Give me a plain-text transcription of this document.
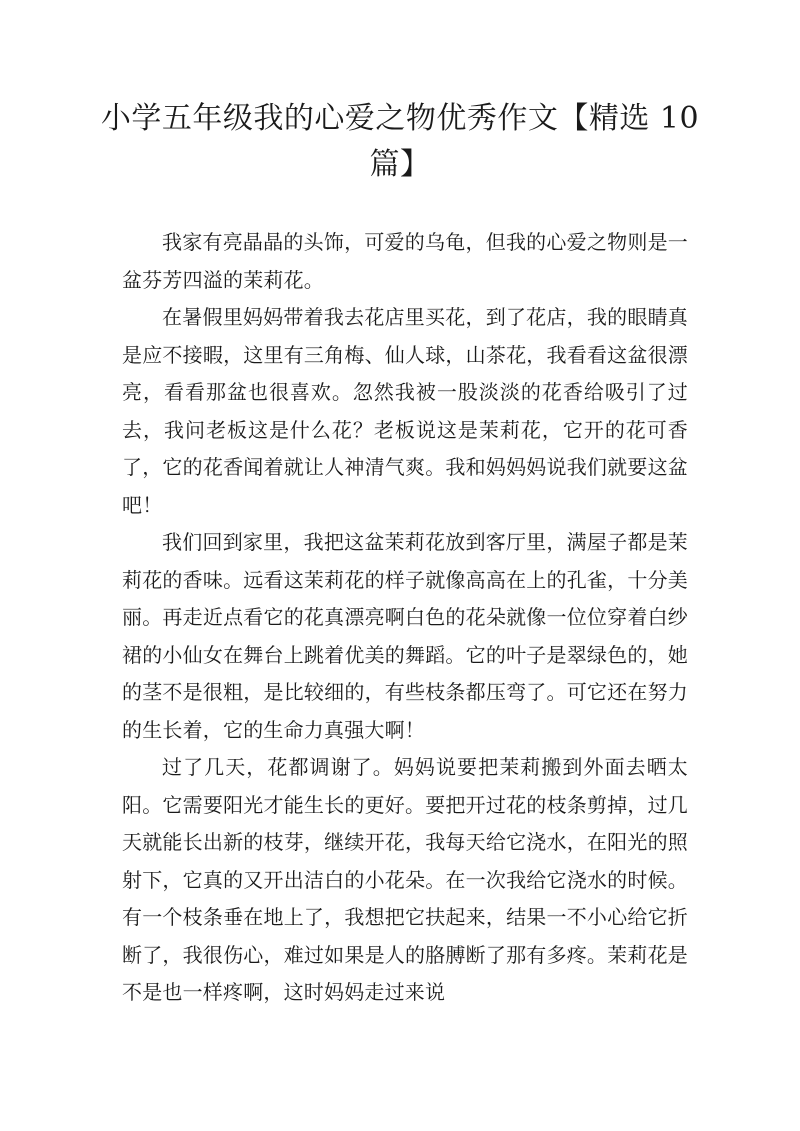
小学五年级我的心爱之物优秀作文【精选 10 篇】

我家有亮晶晶的头饰，可爱的乌龟，但我的心爱之物则是一盆芬芳四溢的茉莉花。

在暑假里妈妈带着我去花店里买花，到了花店，我的眼睛真是应不接暇，这里有三角梅、仙人球，山茶花，我看看这盆很漂亮，看看那盆也很喜欢。忽然我被一股淡淡的花香给吸引了过去，我问老板这是什么花？老板说这是茉莉花，它开的花可香了，它的花香闻着就让人神清气爽。我和妈妈妈说我们就要这盆吧！

我们回到家里，我把这盆茉莉花放到客厅里，满屋子都是茉莉花的香味。远看这茉莉花的样子就像高高在上的孔雀，十分美丽。再走近点看它的花真漂亮啊白色的花朵就像一位位穿着白纱裙的小仙女在舞台上跳着优美的舞蹈。它的叶子是翠绿色的，她的茎不是很粗，是比较细的，有些枝条都压弯了。可它还在努力的生长着，它的生命力真强大啊！

过了几天，花都调谢了。妈妈说要把茉莉搬到外面去晒太阳。它需要阳光才能生长的更好。要把开过花的枝条剪掉，过几天就能长出新的枝芽，继续开花，我每天给它浇水，在阳光的照射下，它真的又开出洁白的小花朵。在一次我给它浇水的时候。有一个枝条垂在地上了，我想把它扶起来，结果一不小心给它折断了，我很伤心，难过如果是人的胳膊断了那有多疼。茉莉花是不是也一样疼啊，这时妈妈走过来说
